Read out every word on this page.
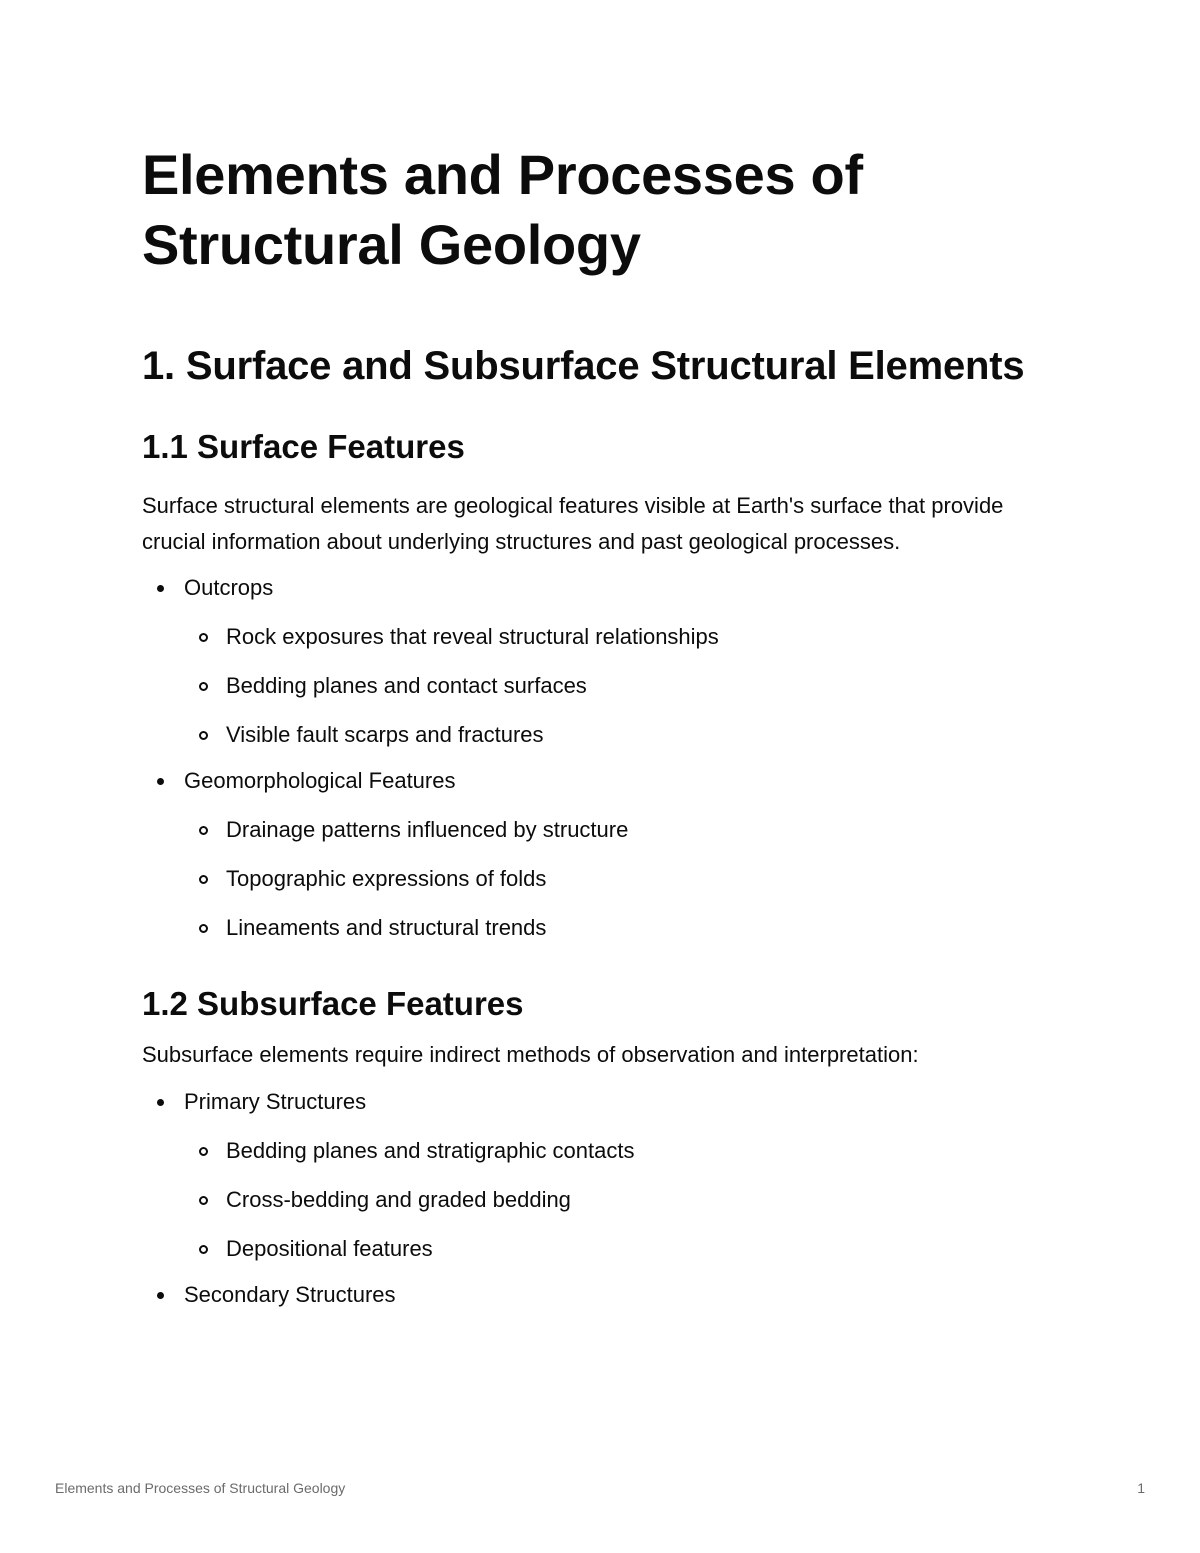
Elements and Processes of Structural Geology
1. Surface and Subsurface Structural Elements
1.1 Surface Features

Surface structural elements are geological features visible at Earth's surface that provide crucial information about underlying structures and past geological processes.

Outcrops
Rock exposures that reveal structural relationships
Bedding planes and contact surfaces
Visible fault scarps and fractures
Geomorphological Features
Drainage patterns influenced by structure
Topographic expressions of folds
Lineaments and structural trends
1.2 Subsurface Features

Subsurface elements require indirect methods of observation and interpretation:

Primary Structures
Bedding planes and stratigraphic contacts
Cross-bedding and graded bedding
Depositional features
Secondary Structures
Elements and Processes of Structural Geology	1
